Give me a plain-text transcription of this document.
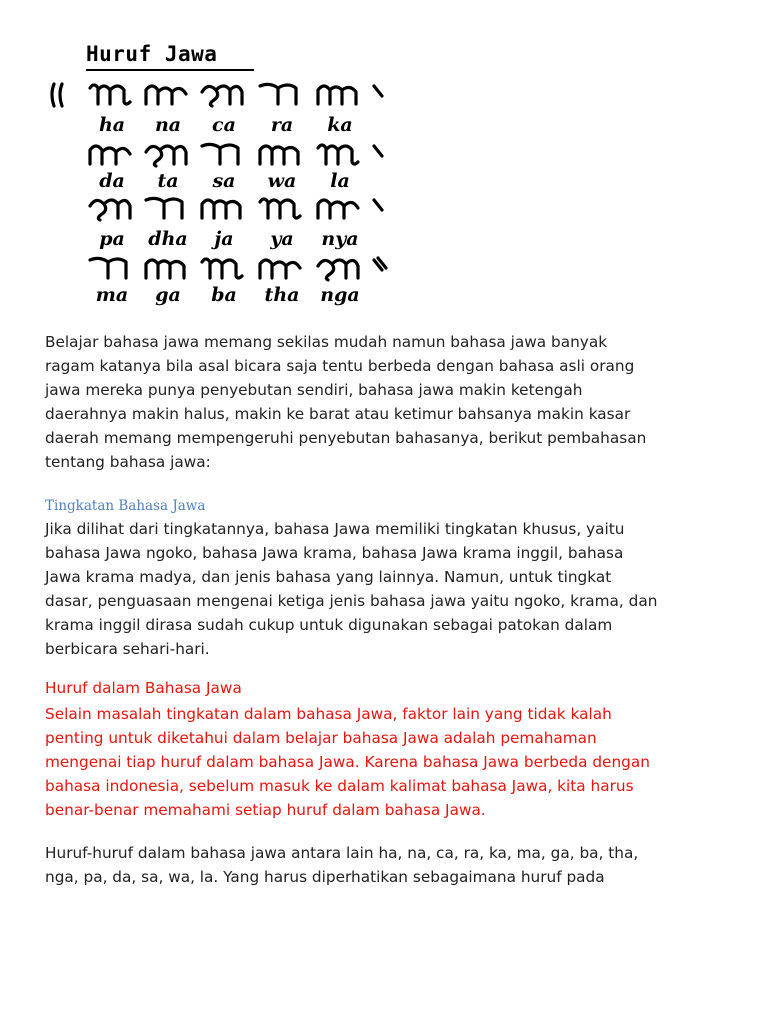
Huruf Jawa
ha	na	ca	ra	ka
da	ta	sa	wa	la
pa	dha	ja	ya	nya
ma	ga	ba	tha	nga
Belajar bahasa jawa memang sekilas mudah namun bahasa jawa banyak
ragam katanya bila asal bicara saja tentu berbeda dengan bahasa asli orang
jawa mereka punya penyebutan sendiri, bahasa jawa makin ketengah
daerahnya makin halus, makin ke barat atau ketimur bahsanya makin kasar
daerah memang mempengeruhi penyebutan bahasanya, berikut pembahasan
tentang bahasa jawa:
Tingkatan Bahasa Jawa
Jika dilihat dari tingkatannya, bahasa Jawa memiliki tingkatan khusus, yaitu
bahasa Jawa ngoko, bahasa Jawa krama, bahasa Jawa krama inggil, bahasa
Jawa krama madya, dan jenis bahasa yang lainnya. Namun, untuk tingkat
dasar, penguasaan mengenai ketiga jenis bahasa jawa yaitu ngoko, krama, dan
krama inggil dirasa sudah cukup untuk digunakan sebagai patokan dalam
berbicara sehari-hari.
Huruf dalam Bahasa Jawa
Selain masalah tingkatan dalam bahasa Jawa, faktor lain yang tidak kalah
penting untuk diketahui dalam belajar bahasa Jawa adalah pemahaman
mengenai tiap huruf dalam bahasa Jawa. Karena bahasa Jawa berbeda dengan
bahasa indonesia, sebelum masuk ke dalam kalimat bahasa Jawa, kita harus
benar-benar memahami setiap huruf dalam bahasa Jawa.
Huruf-huruf dalam bahasa jawa antara lain ha, na, ca, ra, ka, ma, ga, ba, tha,
nga, pa, da, sa, wa, la. Yang harus diperhatikan sebagaimana huruf pada
